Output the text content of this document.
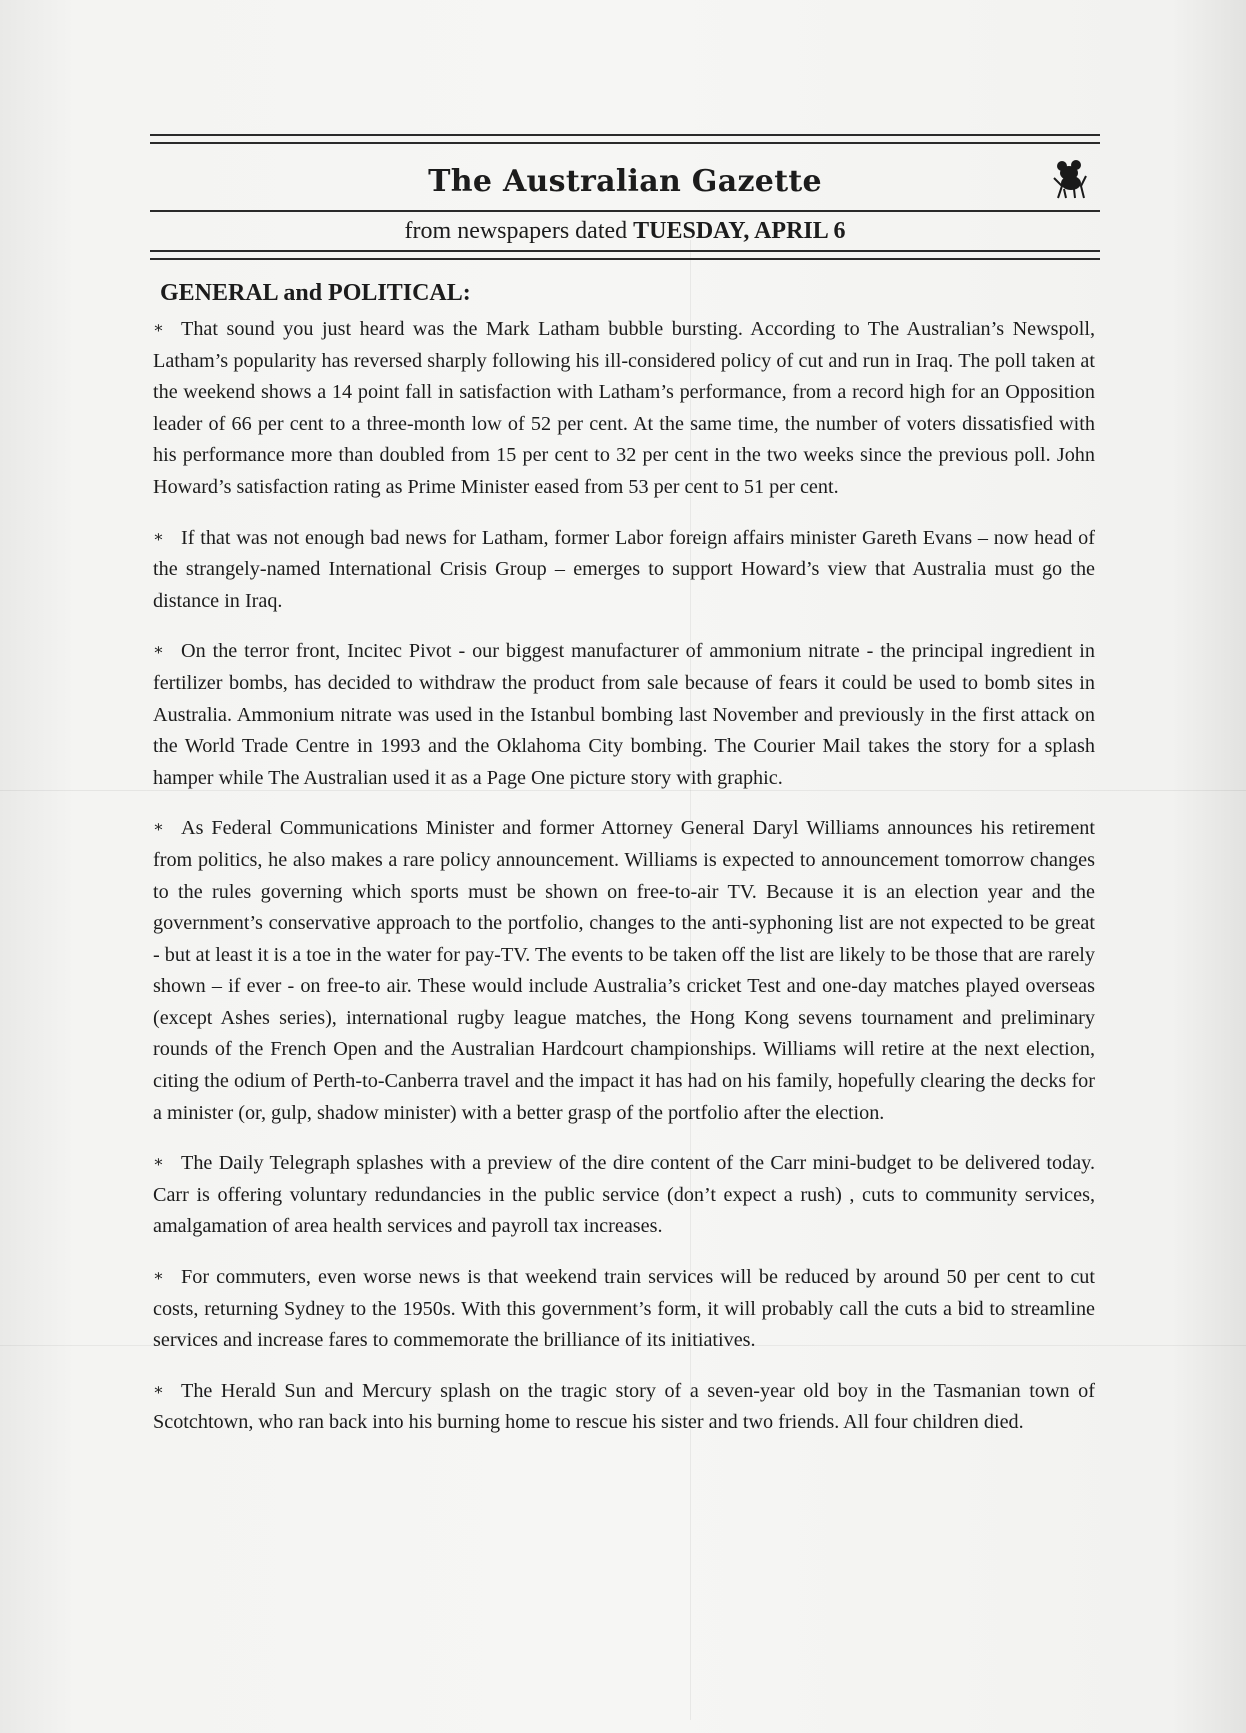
The Australian Gazette
from newspapers dated TUESDAY, APRIL 6
GENERAL and POLITICAL:

∗ That sound you just heard was the Mark Latham bubble bursting. According to The Australian’s Newspoll, Latham’s popularity has reversed sharply following his ill-considered policy of cut and run in Iraq. The poll taken at the weekend shows a 14 point fall in satisfaction with Latham’s performance, from a record high for an Opposition leader of 66 per cent to a three-month low of 52 per cent. At the same time, the number of voters dissatisfied with his performance more than doubled from 15 per cent to 32 per cent in the two weeks since the previous poll. John Howard’s satisfaction rating as Prime Minister eased from 53 per cent to 51 per cent.

∗ If that was not enough bad news for Latham, former Labor foreign affairs minister Gareth Evans – now head of the strangely-named International Crisis Group – emerges to support Howard’s view that Australia must go the distance in Iraq.

∗ On the terror front, Incitec Pivot - our biggest manufacturer of ammonium nitrate - the principal ingredient in fertilizer bombs, has decided to withdraw the product from sale because of fears it could be used to bomb sites in Australia. Ammonium nitrate was used in the Istanbul bombing last November and previously in the first attack on the World Trade Centre in 1993 and the Oklahoma City bombing. The Courier Mail takes the story for a splash hamper while The Australian used it as a Page One picture story with graphic.

∗ As Federal Communications Minister and former Attorney General Daryl Williams announces his retirement from politics, he also makes a rare policy announcement. Williams is expected to announcement tomorrow changes to the rules governing which sports must be shown on free-to-air TV. Because it is an election year and the government’s conservative approach to the portfolio, changes to the anti-syphoning list are not expected to be great - but at least it is a toe in the water for pay-TV. The events to be taken off the list are likely to be those that are rarely shown – if ever - on free-to air. These would include Australia’s cricket Test and one-day matches played overseas (except Ashes series), international rugby league matches, the Hong Kong sevens tournament and preliminary rounds of the French Open and the Australian Hardcourt championships. Williams will retire at the next election, citing the odium of Perth-to-Canberra travel and the impact it has had on his family, hopefully clearing the decks for a minister (or, gulp, shadow minister) with a better grasp of the portfolio after the election.

∗ The Daily Telegraph splashes with a preview of the dire content of the Carr mini-budget to be delivered today. Carr is offering voluntary redundancies in the public service (don’t expect a rush) , cuts to community services, amalgamation of area health services and payroll tax increases.

∗ For commuters, even worse news is that weekend train services will be reduced by around 50 per cent to cut costs, returning Sydney to the 1950s. With this government’s form, it will probably call the cuts a bid to streamline services and increase fares to commemorate the brilliance of its initiatives.

∗ The Herald Sun and Mercury splash on the tragic story of a seven-year old boy in the Tasmanian town of Scotchtown, who ran back into his burning home to rescue his sister and two friends. All four children died.
